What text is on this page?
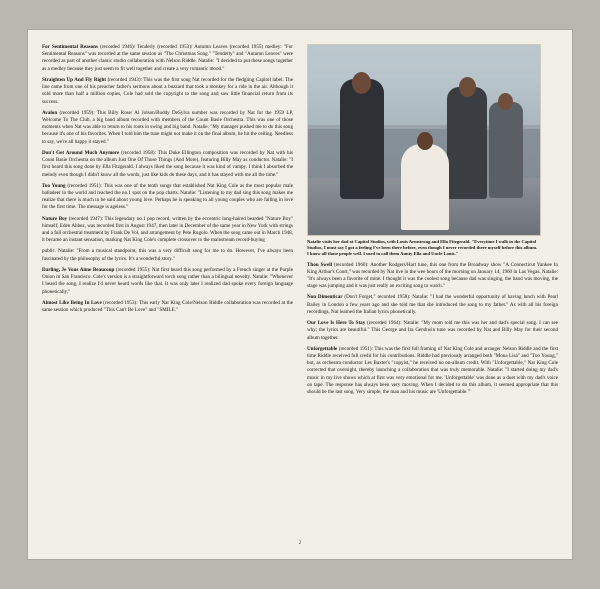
For Sentimental Reasons (recorded 1946)/ Tenderly (recorded 1953)/ Autumn Leaves (recorded 1955) medley: "For Sentimental Reasons" was recorded at the same session as "The Christmas Song." "Tenderly" and "Autumn Leaves" were recorded as part of another classic studio collaboration with Nelson Riddle. Natalie: "I decided to put these songs together as a medley because they just seem to fit well together and create a very romantic mood."

Straighten Up And Fly Right (recorded 1943): This was the first song Nat recorded for the fledgling Capitol label. The line came from one of his preacher father's sermons about a buzzard that took a monkey for a ride in the air. Although it sold more than half a million copies, Cole had sold the copyright to the song and saw little financial return from its success.

Avalon (recorded 1959): This Billy Rose/ Al Jolson/Buddy DeSylva number was recorded by Nat for the 1959 LP, Welcome To The Club, a big band album recorded with members of the Count Basie Orchestra. This was one of those moments when Nat was able to return to his roots in swing and big band. Natalie: "My manager pushed me to do this song because it's one of his favorites. When I told him the tune might not make it on the final album, he hit the ceiling. Needless to say, we're all happy it stayed."

Don't Get Around Much Anymore (recorded 1958): This Duke Ellington composition was recorded by Nat with his Count Basie Orchestra on the album Just One Of Those Things (And More), featuring Billy May as conductor. Natalie: "I first heard this song done by Ella Fitzgerald. I always liked the song because it was kind of vampy. I think I absorbed the melody even though I didn't know all the words, just like kids do these days, and it has stayed with me all the time."

Too Young (recorded 1951): This was one of the tenth songs that established Nat King Cole as the most popular male balladeer in the world and reached the no.1 spot on the pop charts. Natalie: "Listening to my dad sing this song makes me realize that there is much to be said about young love. Perhaps he is speaking to all young couples who are falling in love for the first time. The message is ageless."

Nature Boy (recorded 1947): This legendary no.1 pop record, written by the eccentric long-haired bearded "Nature Boy" himself, Eden Ahbez, was recorded first in August 1947, then later in December of the same year in New York with strings and a full orchestral treatment by Frank De Vol, and arrangement by Pete Rugolo. When the song came out in March 1948, it became an instant sensation, marking Nat King Cole's complete crossover to the mainstream record-buying

public. Natalie: "From a musical standpoint, this was a very difficult song for me to do. However, I've always been fascinated by the philosophy of the lyrics. It's a wonderful story."

Darling, Je Vous Aime Beaucoup (recorded 1955): Nat first heard this song performed by a French singer at the Purple Onion in San Francisco. Cole's version is a straightforward torch song rather than a bilingual novelty. Natalie: "Whenever I heard the song, I realize I'd never heard words like that. It was only later I realized dad spoke every foreign language phonetically."

Almost Like Being In Love (recorded 1953): This early Nat King Cole/Nelson Riddle collaboration was recorded at the same session which produced "This Can't Be Love" and "SMILE."

Natalie visits her dad at Capitol Studios, with Louis Armstrong and Ella Fitzgerald. "Everytime I walk in the Capitol Studios, I must say I got a feeling I've been there before, even though I never recorded there myself before this album. I know all those people well. I used to call them Aunty Ella and Uncle Louis."

Thou Swell (recorded 1960): Another Rodgers/Hart tune, this one from the Broadway show "A Connecticut Yankee In King Arthur's Court," was recorded by Nat live in the wee hours of the morning on January 14, 1960 in Las Vegas. Natalie: "It's always been a favorite of mine. I thought it was the coolest song because dad was singing, the band was moving, the stage was jumping and it was just really an exciting song to watch."

Non Dimenticar (Don't Forget," recorded 1958): Natalie: "I had the wonderful opportunity of having lunch with Pearl Bailey in London a few years ago and she told me that she introduced the song to my father." As with all his foreign recordings, Nat learned the Italian lyrics phonetically.

Our Love Is Here To Stay (recorded 1964): Natalie: "My mom told me this was her and dad's special song. I can see why; the lyrics are beautiful." This George and Ira Gershwin tune was recorded by Nat and Billy May for their second album together.

Unforgettable (recorded 1951): This was the first full framing of Nat King Cole and arranger Nelson Riddle and the first time Riddle received full credit for his contributions. Riddle had previously arranged both "Mona Lisa" and "Too Young," but, as orchestra conductor Les Baxter's "copyist," he received no on-album credit. With "Unforgettable," Nat King Cole corrected that oversight, thereby launching a collaboration that was truly memorable. Natalie: "I started doing my dad's music in my live shows which at first was very emotional for me. 'Unforgettable' was done as a duet with my dad's voice on tape. The response has always been very moving. When I decided to do this album, it seemed appropriate that this should be the last song. Very simple, the man and his music are 'Unforgettable.'"

2
